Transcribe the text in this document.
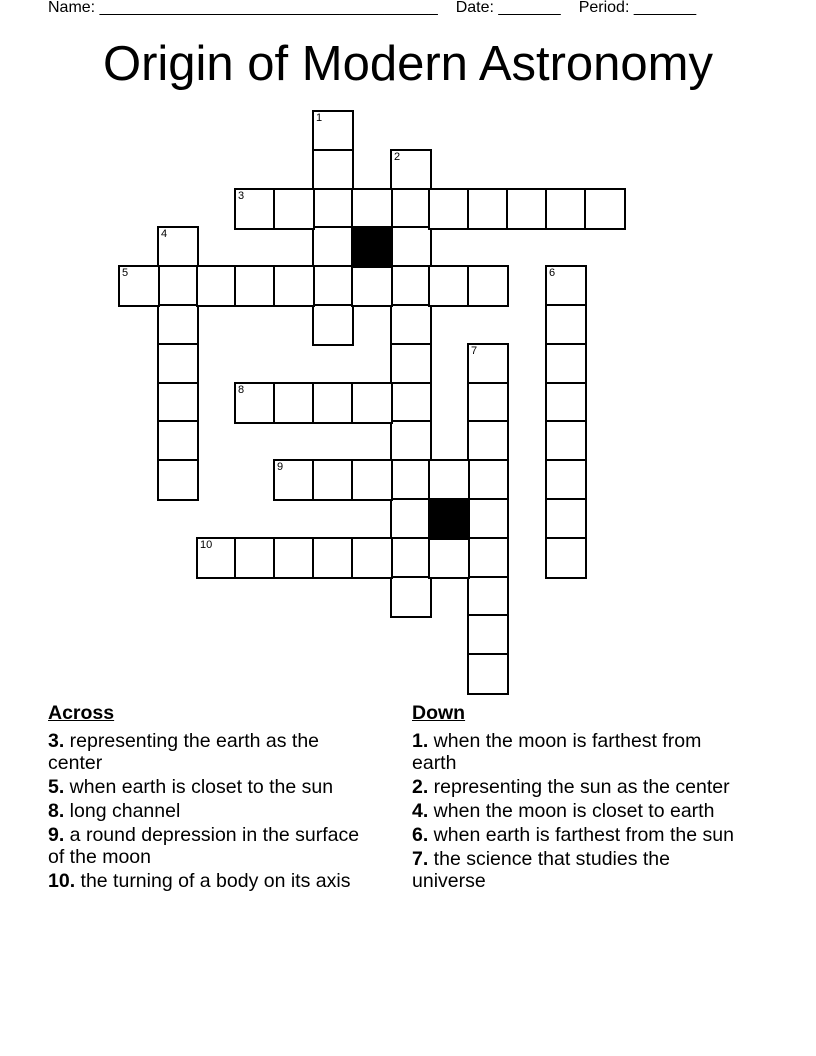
Name: ______________________________________ Date: _______ Period: _______
Origin of Modern Astronomy
1
2
3
4
5	6
7
8
9
10
Across
3. representing the earth as the center
5. when earth is closet to the sun
8. long channel
9. a round depression in the surface of the moon
10. the turning of a body on its axis
Down
1. when the moon is farthest from earth
2. representing the sun as the center
4. when the moon is closet to earth
6. when earth is farthest from the sun
7. the science that studies the universe
